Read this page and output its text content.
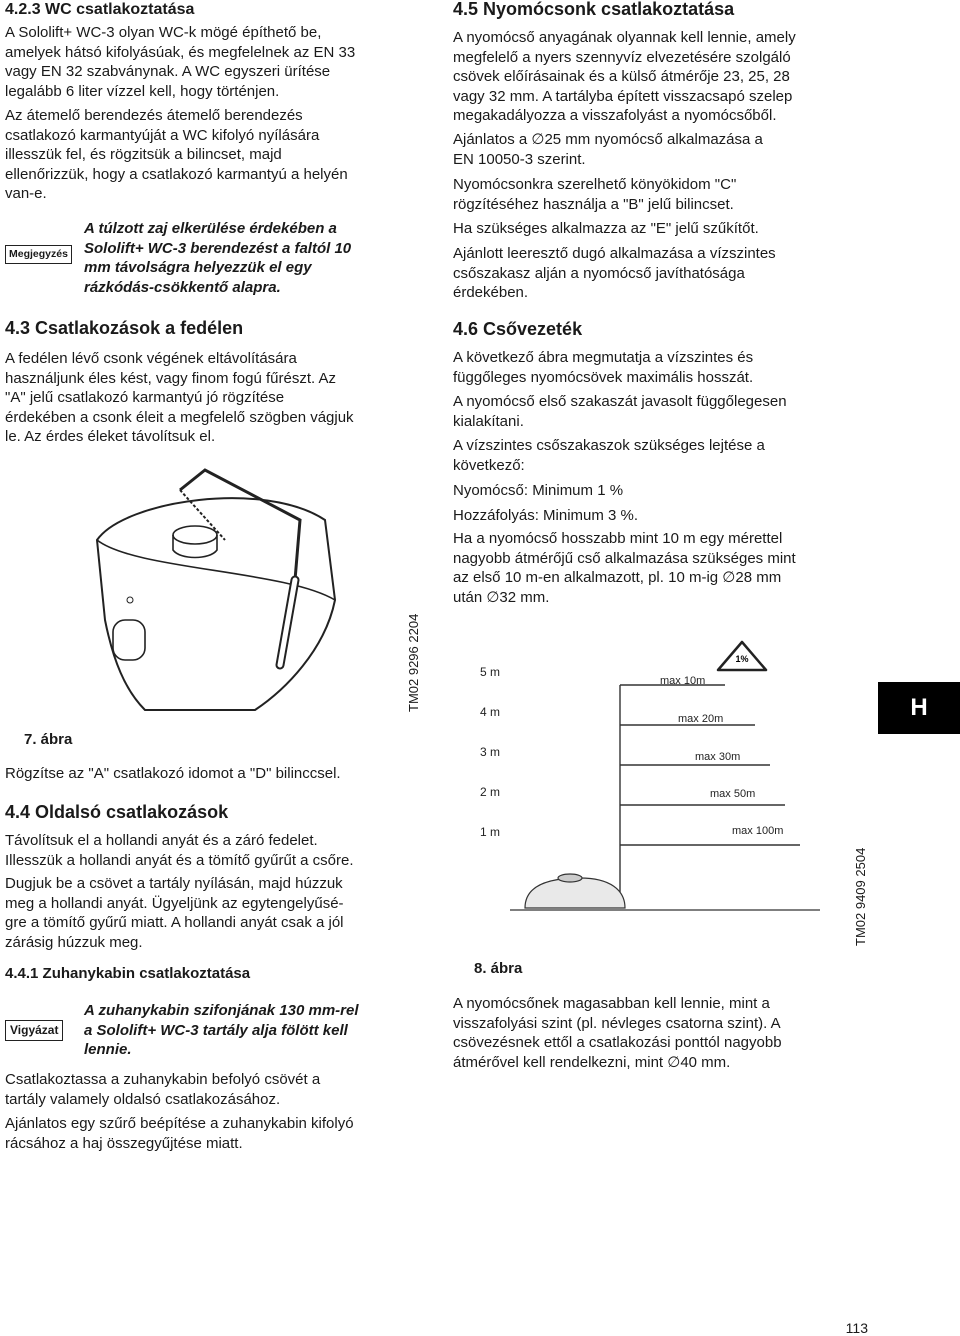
4.2.3 WC csatlakoztatása

A Sololift+ WC-3 olyan WC-k mögé építhető be,
amelyek hátsó kifolyásúak, és megfelelnek az EN 33
vagy EN 32 szabványnak. A WC egyszeri ürítése
legalább 6 liter vízzel kell, hogy történjen.

Az átemelő berendezés átemelő berendezés
csatlakozó karmantyúját a WC kifolyó nyílására
illesszük fel, és rögzitsük a bilincset, majd
ellenőrizzük, hogy a csatlakozó karmantyú a helyén
van-e.

Megjegyzés

A túlzott zaj elkerülése érdekében a
Sololift+ WC-3 berendezést a faltól 10
mm távolságra helyezzük el egy
rázkódás-csökkentő alapra.

4.3 Csatlakozások a fedélen

A fedélen lévő csonk végének eltávolítására
használjunk éles kést, vagy finom fogú fűrészt. Az
"A" jelű csatlakozó karmantyú jó rögzítése
érdekében a csonk éleit a megfelelő szögben vágjuk
le. Az érdes éleket távolítsuk el.

TM02 9296 2204
7. ábra

Rögzítse az "A" csatlakozó idomot a "D" bilinccsel.

4.4 Oldalsó csatlakozások

Távolítsuk el a hollandi anyát és a záró fedelet.
Illesszük a hollandi anyát és a tömítő gyűrűt a csőre.

Dugjuk be a csövet a tartály nyílásán, majd húzzuk
meg a hollandi anyát. Ügyeljünk az egytengelyűsé-
gre a tömítő gyűrű miatt. A hollandi anyát csak a jól
zárásig húzzuk meg.

4.4.1 Zuhanykabin csatlakoztatása
Vigyázat

A zuhanykabin szifonjának 130 mm-rel
a Sololift+ WC-3 tartály alja fölött kell
lennie.

Csatlakoztassa a zuhanykabin befolyó csövét a
tartály valamely oldalsó csatlakozásához.

Ajánlatos egy szűrő beépítése a zuhanykabin kifolyó
rácsához a haj összegyűjtése miatt.

4.5 Nyomócsonk csatlakoztatása

A nyomócső anyagának olyannak kell lennie, amely
megfelelő a nyers szennyvíz elvezetésére szolgáló
csövek előírásainak és a külső átmérője 23, 25, 28
vagy 32 mm. A tartályba épített visszacsapó szelep
megakadályozza a visszafolyást a nyomócsőből.

Ajánlatos a ∅25 mm nyomócső alkalmazása a
EN 10050-3 szerint.

Nyomócsonkra szerelhető könyökidom "C"
rögzítéséhez használja a "B" jelű bilincset.

Ha szükséges alkalmazza az "E" jelű szűkítőt.

Ajánlott leeresztő dugó alkalmazása a vízszintes
csőszakasz alján a nyomócső javíthatósága
érdekében.

4.6 Csővezeték

A következő ábra megmutatja a vízszintes és
függőleges nyomócsövek maximális hosszát.

A nyomócső első szakaszát javasolt függőlegesen
kialakítani.

A vízszintes csőszakaszok szükséges lejtése a
következő:

Nyomócső: Minimum 1 %

Hozzáfolyás: Minimum 3 %.

Ha a nyomócső hosszabb mint 10 m egy mérettel
nagyobb átmérőjű cső alkalmazása szükséges mint
az első 10 m-en alkalmazott, pl. 10 m-ig ∅28 mm
után ∅32 mm.

5 m
4 m
3 m
2 m
1 m
max 10m
max 20m
max 30m
max 50m
max 100m
1%
TM02 9409 2504
8. ábra

A nyomócsőnek magasabban kell lennie, mint a
visszafolyási szint (pl. névleges csatorna szint). A
csövezésnek ettől a csatlakozási ponttól nagyobb
átmérővel kell rendelkezni, mint ∅40 mm.

H
113
